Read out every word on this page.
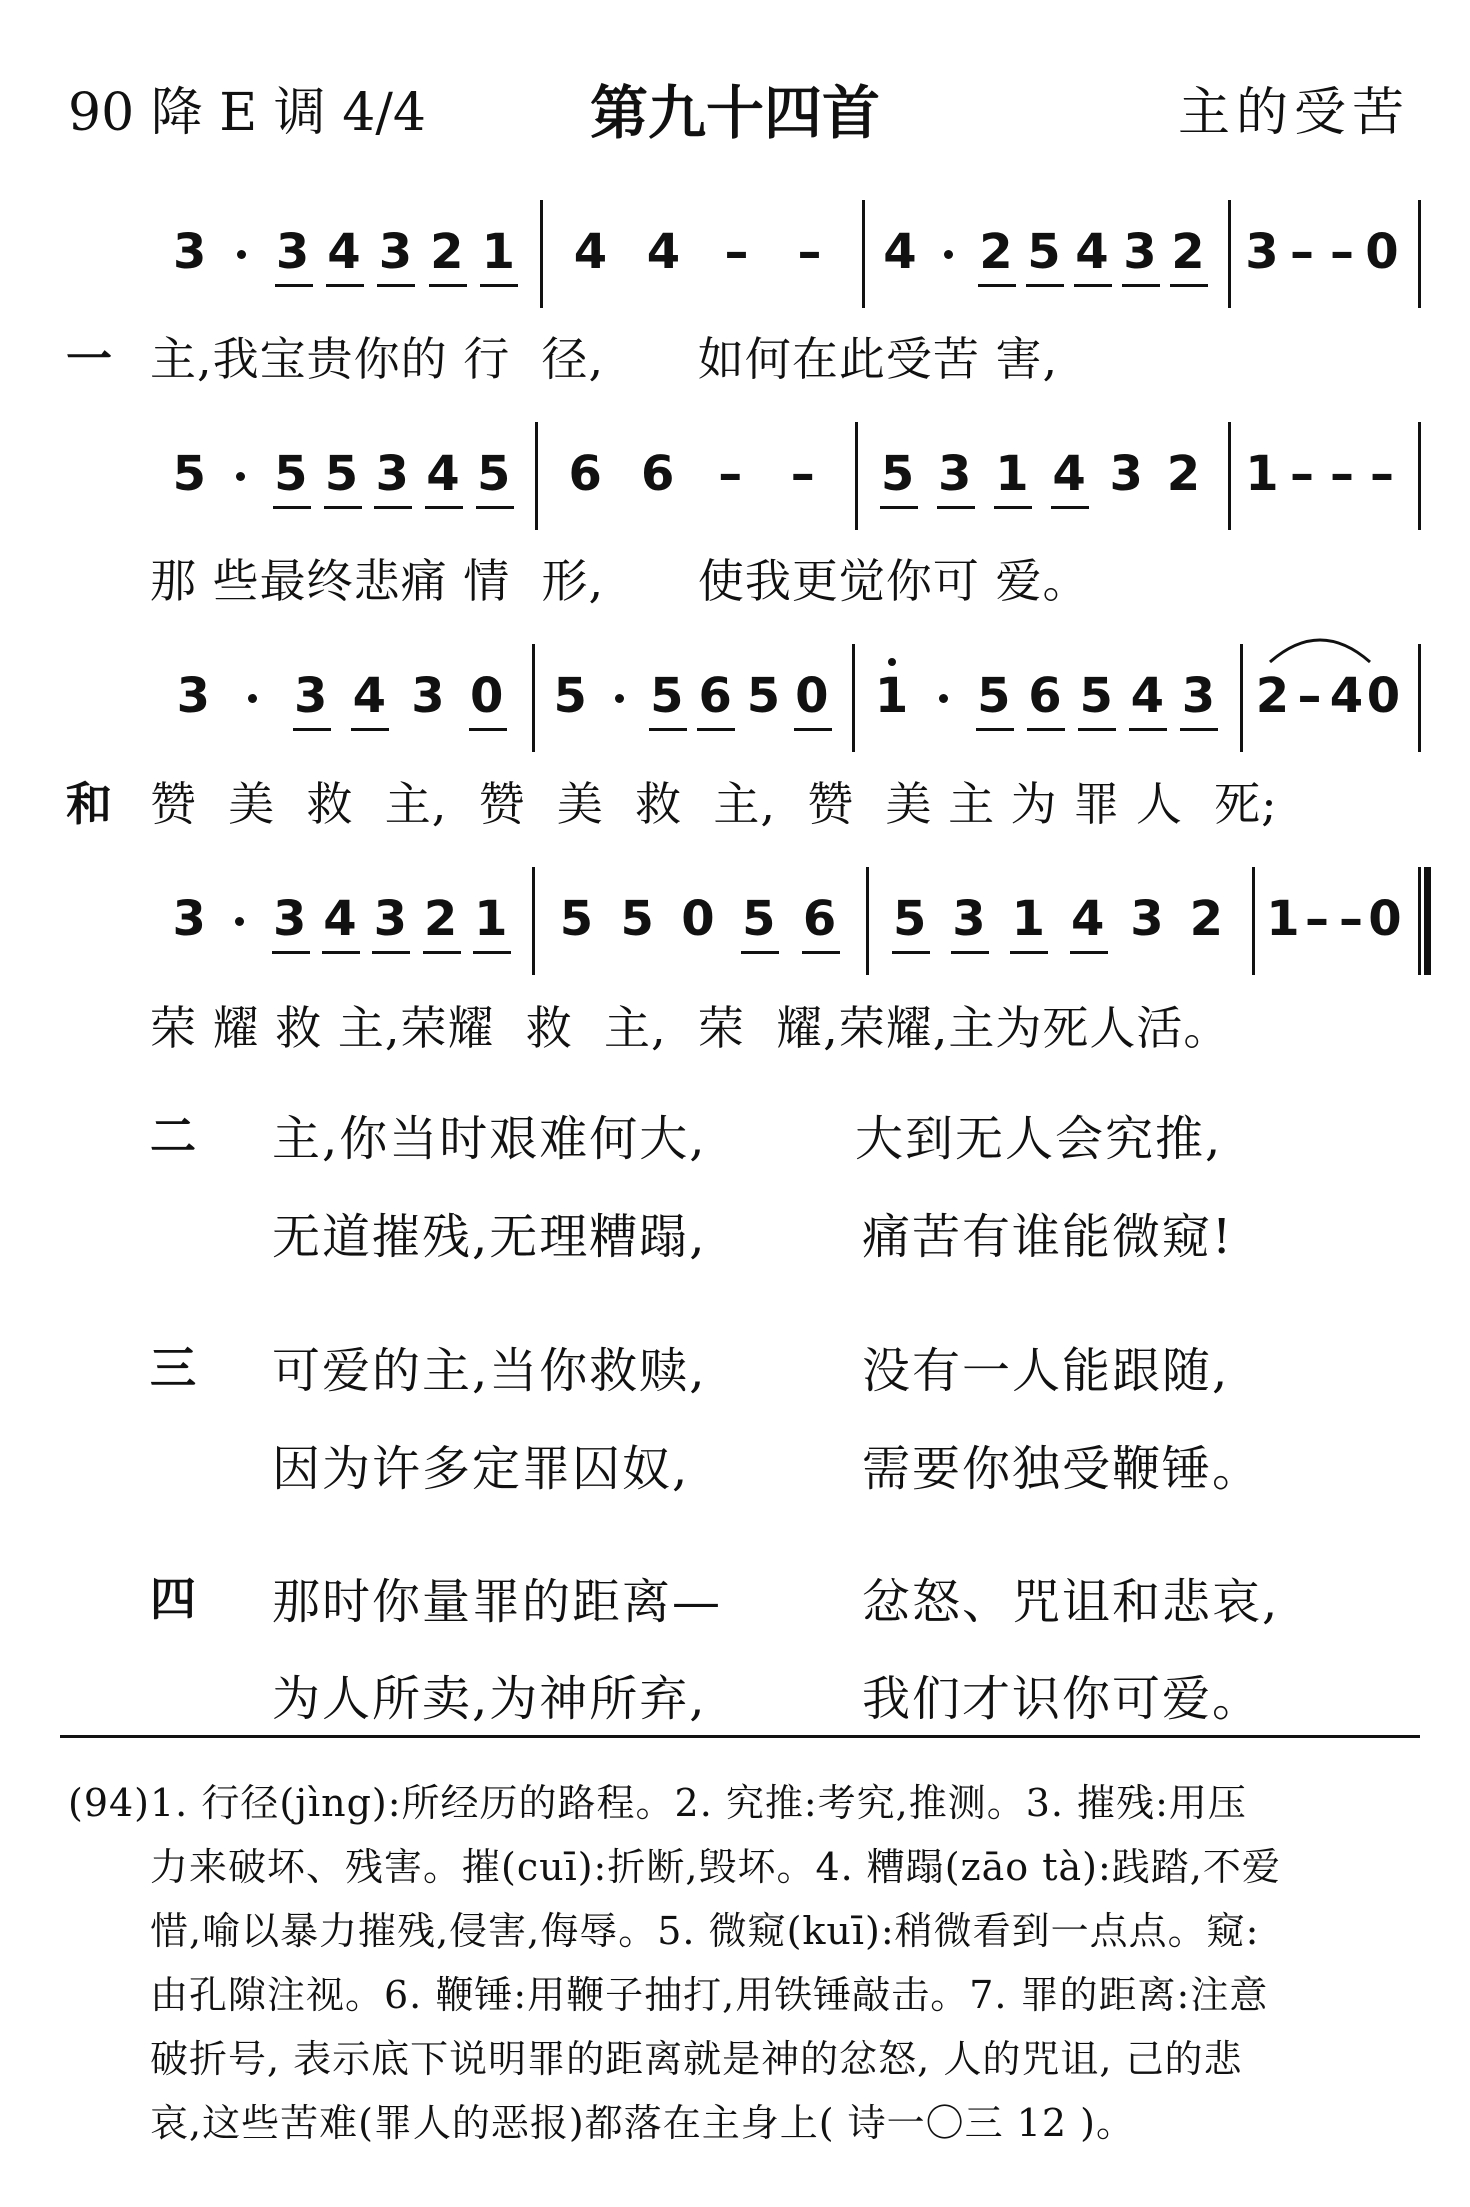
90 降 E 调 4/4	第九十四首	主的受苦
3 3 4 3 2 1 4 4 – – 4 2 5 4 3 2 3 – – 0
5 5 5 3 4 5 6 6 – – 5 3 1 4 3 2 1 – – –
3 3 4 3 0 5 5 6 5 0 1 5 6 5 4 3 2 – 4 0
3 3 4 3 2 1 5 5 0 5 6 5 3 1 4 3 2 1 – – 0
一 主,我宝贵你的 行  径,      如何在此受苦 害,
那 些最终悲痛 情  形,      使我更觉你可 爱。
和 赞  美  救  主,  赞  美  救  主,  赞  美 主 为 罪 人  死;
荣 耀 救 主,荣耀  救  主,  荣  耀,荣耀,主为死人活。
二 主,你当时艰难何大,	大到无人会究推,
无道摧残,无理糟蹋,	痛苦有谁能微窥!
三 可爱的主,当你救赎,	没有一人能跟随,
因为许多定罪囚奴,	需要你独受鞭锤。
四 那时你量罪的距离—	忿怒、咒诅和悲哀,
为人所卖,为神所弃,	我们才识你可爱。
(94)1. 行径(jìng):所经历的路程。2. 究推:考究,推测。3. 摧残:用压
力来破坏、残害。摧(cuī):折断,毁坏。4. 糟蹋(zāo tà):践踏,不爱
惜,喻以暴力摧残,侵害,侮辱。5. 微窥(kuī):稍微看到一点点。窥:
由孔隙注视。6. 鞭锤:用鞭子抽打,用铁锤敲击。7. 罪的距离:注意
破折号, 表示底下说明罪的距离就是神的忿怒, 人的咒诅, 己的悲
哀,这些苦难(罪人的恶报)都落在主身上( 诗一〇三 12 )。
